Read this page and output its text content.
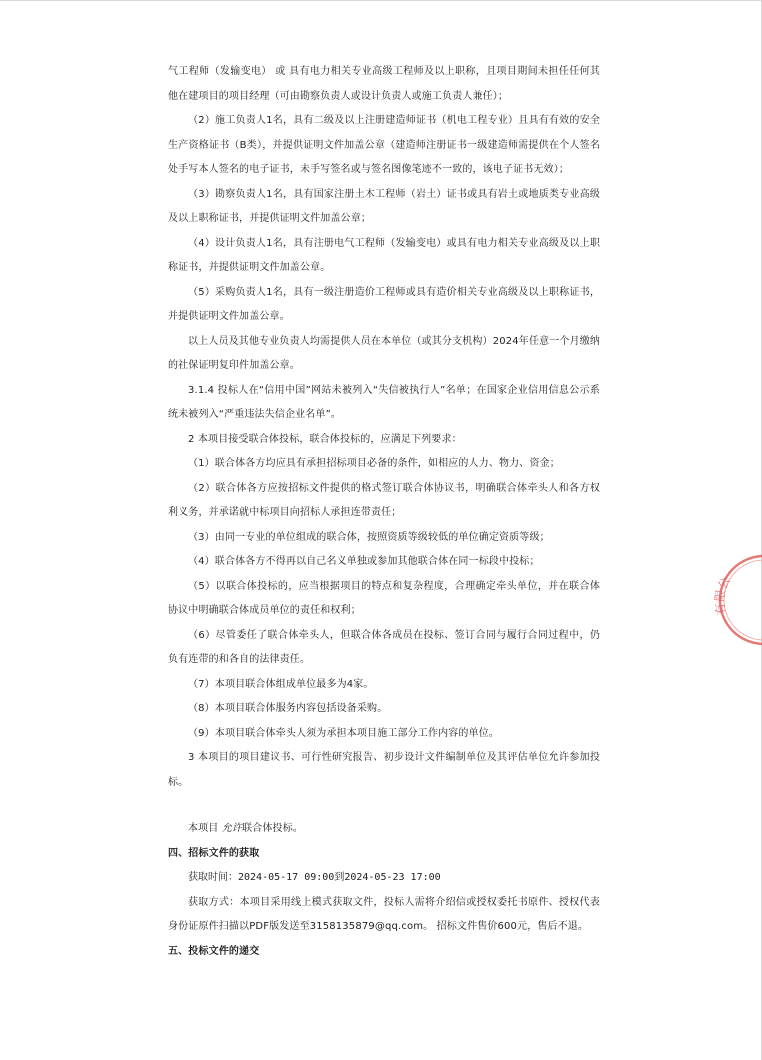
气工程师（发输变电） 或 具有电力相关专业高级工程师及以上职称，且项目期间未担任任何其他在建项目的项目经理（可由勘察负责人或设计负责人或施工负责人兼任）；

（2）施工负责人1名，具有二级及以上注册建造师证书（机电工程专业）且具有有效的安全生产资格证书（B类），并提供证明文件加盖公章（建造师注册证书一级建造师需提供在个人签名处手写本人签名的电子证书，未手写签名或与签名图像笔迹不一致的，该电子证书无效）；

（3）勘察负责人1名，具有国家注册土木工程师（岩土）证书或具有岩土或地质类专业高级及以上职称证书，并提供证明文件加盖公章；

（4）设计负责人1名，具有注册电气工程师（发输变电）或具有电力相关专业高级及以上职称证书，并提供证明文件加盖公章。

（5）采购负责人1名，具有一级注册造价工程师或具有造价相关专业高级及以上职称证书，并提供证明文件加盖公章。

以上人员及其他专业负责人均需提供人员在本单位（或其分支机构）2024年任意一个月缴纳的社保证明复印件加盖公章。

3.1.4 投标人在“信用中国”网站未被列入“失信被执行人”名单；在国家企业信用信息公示系统未被列入“严重违法失信企业名单”。

2 本项目接受联合体投标，联合体投标的，应满足下列要求：

（1）联合体各方均应具有承担招标项目必备的条件，如相应的人力、物力、资金；

（2）联合体各方应按招标文件提供的格式签订联合体协议书，明确联合体牵头人和各方权利义务，并承诺就中标项目向招标人承担连带责任；

（3）由同一专业的单位组成的联合体，按照资质等级较低的单位确定资质等级；

（4）联合体各方不得再以自己名义单独或参加其他联合体在同一标段中投标；

（5）以联合体投标的，应当根据项目的特点和复杂程度，合理确定牵头单位，并在联合体协议中明确联合体成员单位的责任和权利；

（6）尽管委任了联合体牵头人，但联合体各成员在投标、签订合同与履行合同过程中，仍负有连带的和各自的法律责任。

（7）本项目联合体组成单位最多为4家。

（8）本项目联合体服务内容包括设备采购。

（9）本项目联合体牵头人须为承担本项目施工部分工作内容的单位。

3 本项目的项目建议书、可行性研究报告、初步设计文件编制单位及其评估单位允许参加投标。

本项目 允许联合体投标。

四、招标文件的获取

获取时间：2024-05-17 09:00到2024-05-23 17:00

获取方式：本项目采用线上模式获取文件，投标人需将介绍信或授权委托书原件、授权代表身份证原件扫描以PDF版发送至3158135879@qq.com。 招标文件售价600元，售后不退。

五、投标文件的递交

有限公
